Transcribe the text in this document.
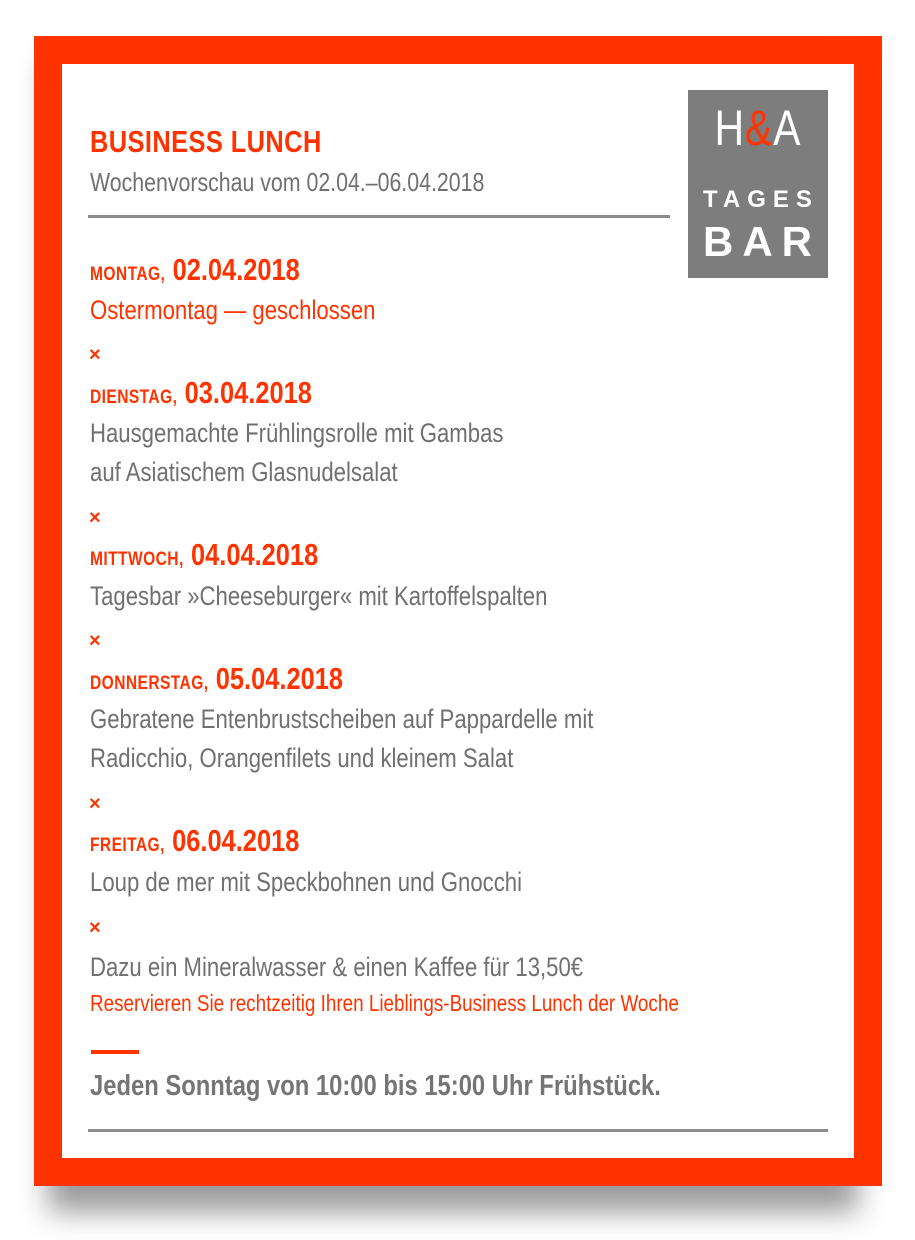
BUSINESS LUNCH
Wochenvorschau vom 02.04.–06.04.2018
H&A
TAGES
BAR
MONTAG, 02.04.2018
Ostermontag — geschlossen
×
DIENSTAG, 03.04.2018
Hausgemachte Frühlingsrolle mit Gambas
auf Asiatischem Glasnudelsalat
×
MITTWOCH, 04.04.2018
Tagesbar »Cheeseburger« mit Kartoffelspalten
×
DONNERSTAG, 05.04.2018
Gebratene Entenbrustscheiben auf Pappardelle mit
Radicchio, Orangenfilets und kleinem Salat
×
FREITAG, 06.04.2018
Loup de mer mit Speckbohnen und Gnocchi
×
Dazu ein Mineralwasser & einen Kaffee für 13,50€
Reservieren Sie rechtzeitig Ihren Lieblings-Business Lunch der Woche
Jeden Sonntag von 10:00 bis 15:00 Uhr Frühstück.
